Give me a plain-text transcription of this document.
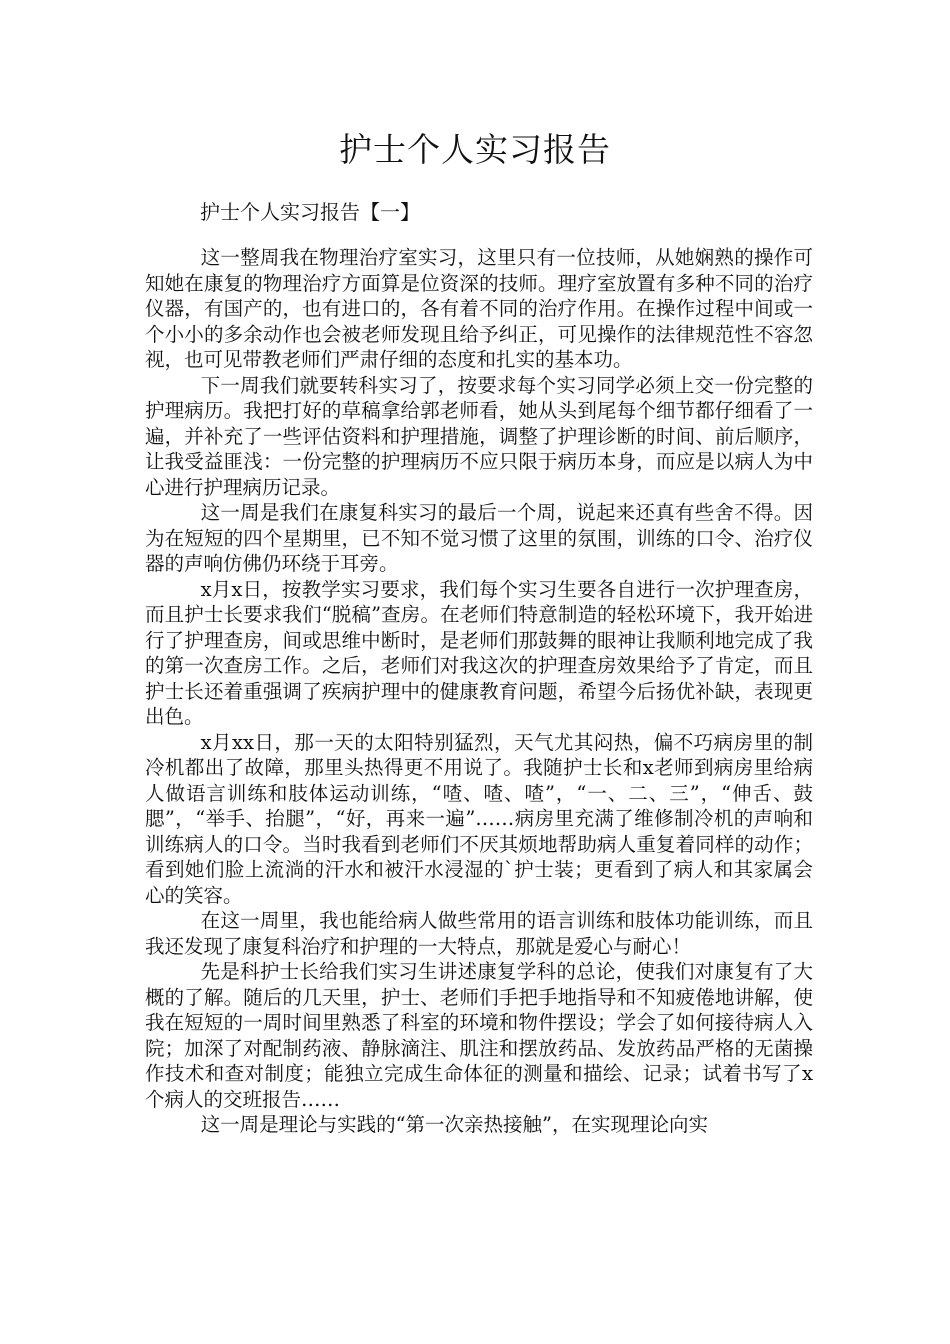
护士个人实习报告
护士个人实习报告【一】

这一整周我在物理治疗室实习，这里只有一位技师，从她娴熟的操作可知她在康复的物理治疗方面算是位资深的技师。理疗室放置有多种不同的治疗仪器，有国产的，也有进口的，各有着不同的治疗作用。在操作过程中间或一个小小的多余动作也会被老师发现且给予纠正，可见操作的法律规范性不容忽视，也可见带教老师们严肃仔细的态度和扎实的基本功。

下一周我们就要转科实习了，按要求每个实习同学必须上交一份完整的护理病历。我把打好的草稿拿给郭老师看，她从头到尾每个细节都仔细看了一遍，并补充了一些评估资料和护理措施，调整了护理诊断的时间、前后顺序，让我受益匪浅：一份完整的护理病历不应只限于病历本身，而应是以病人为中心进行护理病历记录。

这一周是我们在康复科实习的最后一个周，说起来还真有些舍不得。因为在短短的四个星期里，已不知不觉习惯了这里的氛围，训练的口令、治疗仪器的声响仿佛仍环绕于耳旁。

x月x日，按教学实习要求，我们每个实习生要各自进行一次护理查房，而且护士长要求我们“脱稿”查房。在老师们特意制造的轻松环境下，我开始进行了护理查房，间或思维中断时，是老师们那鼓舞的眼神让我顺利地完成了我的第一次查房工作。之后，老师们对我这次的护理查房效果给予了肯定，而且护士长还着重强调了疾病护理中的健康教育问题，希望今后扬优补缺，表现更出色。

x月xx日，那一天的太阳特别猛烈，天气尤其闷热，偏不巧病房里的制冷机都出了故障，那里头热得更不用说了。我随护士长和x老师到病房里给病人做语言训练和肢体运动训练，“喳、喳、喳”，“一、二、三”，“伸舌、鼓腮”，“举手、抬腿”，“好，再来一遍”……病房里充满了维修制冷机的声响和训练病人的口令。当时我看到老师们不厌其烦地帮助病人重复着同样的动作；看到她们脸上流淌的汗水和被汗水浸湿的`护士装；更看到了病人和其家属会心的笑容。

在这一周里，我也能给病人做些常用的语言训练和肢体功能训练，而且我还发现了康复科治疗和护理的一大特点，那就是爱心与耐心！

先是科护士长给我们实习生讲述康复学科的总论，使我们对康复有了大概的了解。随后的几天里，护士、老师们手把手地指导和不知疲倦地讲解，使我在短短的一周时间里熟悉了科室的环境和物件摆设；学会了如何接待病人入院；加深了对配制药液、静脉滴注、肌注和摆放药品、发放药品严格的无菌操作技术和查对制度；能独立完成生命体征的测量和描绘、记录；试着书写了x个病人的交班报告……

这一周是理论与实践的“第一次亲热接触”，在实现理论向实
